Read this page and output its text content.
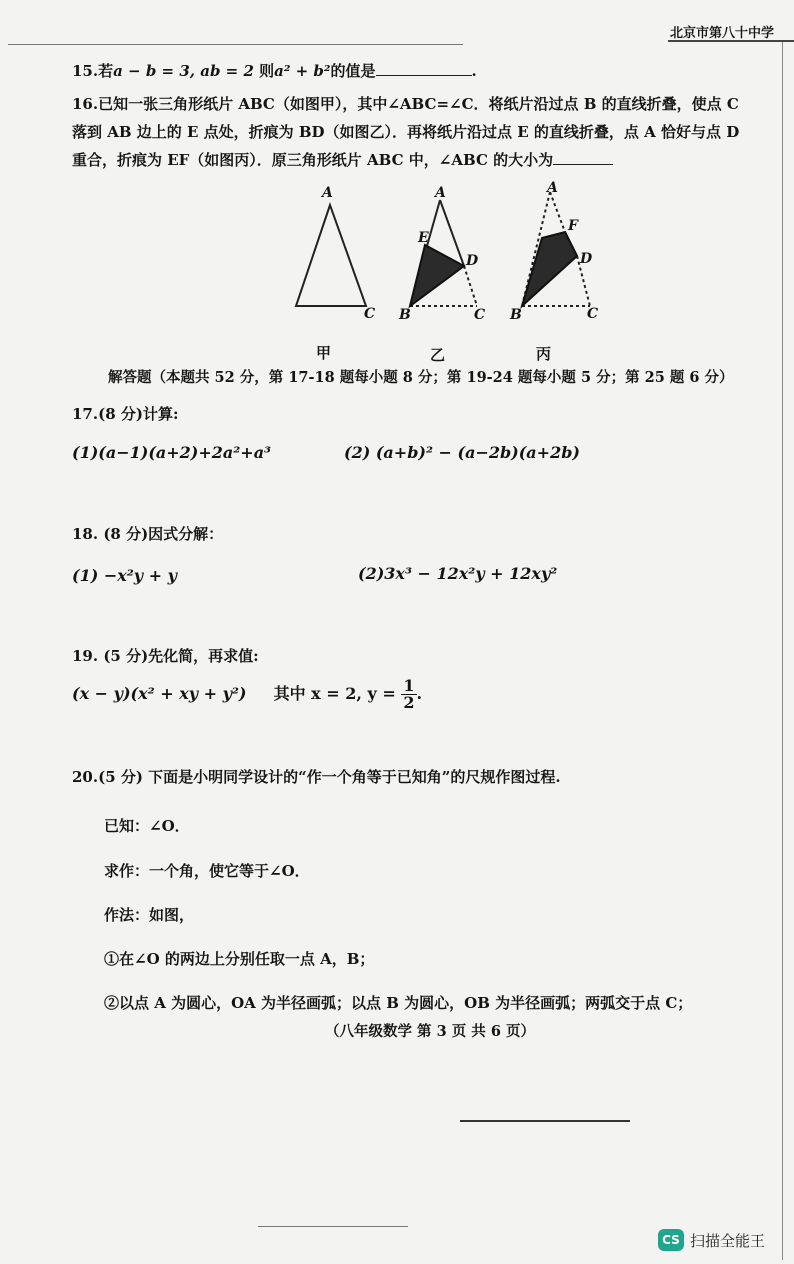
北京市第八十中学
15.若a − b = 3, ab = 2 则a² + b²的值是	.
16.已知一张三角形纸片 ABC（如图甲），其中∠ABC=∠C．将纸片沿过点 B 的直线折叠，使点 C
落到 AB 边上的 E 点处，折痕为 BD（如图乙）．再将纸片沿过点 E 的直线折叠，点 A 恰好与点 D
重合，折痕为 EF（如图丙）．原三角形纸片 ABC 中，∠ABC 的大小为
A
C
A
E
D
B	C
A
F
D
B	C
甲	乙	丙
解答题（本题共 52 分，第 17-18 题每小题 8 分；第 19-24 题每小题 5 分；第 25 题 6 分）
17.(8 分)计算:
(1)(a−1)(a+2)+2a²+a³	(2) (a+b)² − (a−2b)(a+2b)
18. (8 分)因式分解：
(1) −x²y + y	(2)3x³ − 12x²y + 12xy²
19. (5 分)先化简，再求值:
(x − y)(x² + xy + y²) 其中 x = 2, $y = \frac{1}{2}$ .
20.(5 分) 下面是小明同学设计的“作一个角等于已知角”的尺规作图过程.
已知：∠O．
求作：一个角，使它等于∠O．
作法：如图，
①在∠O 的两边上分别任取一点 A，B；
②以点 A 为圆心，OA 为半径画弧；以点 B 为圆心，OB 为半径画弧；两弧交于点 C；
（八年级数学 第 3 页 共 6 页）
CS 扫描全能王
